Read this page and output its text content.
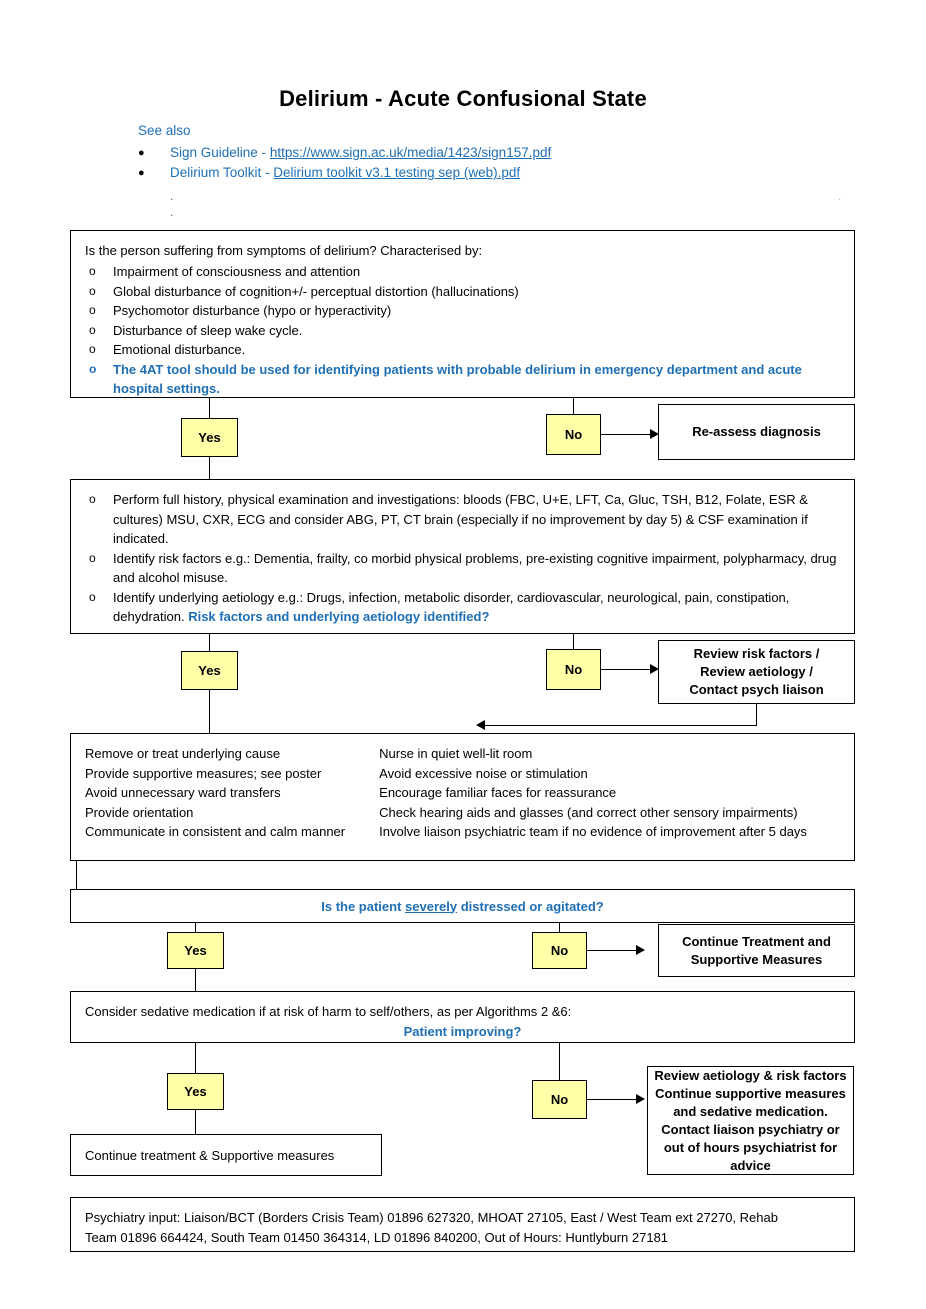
Delirium - Acute Confusional State
See also
● Sign Guideline - https://www.sign.ac.uk/media/1423/sign157.pdf
● Delirium Toolkit - Delirium toolkit v3.1 testing sep (web).pdf
.
.
.
Is the person suffering from symptoms of delirium? Characterised by:
o Impairment of consciousness and attention
o Global disturbance of cognition+/- perceptual distortion (hallucinations)
o Psychomotor disturbance (hypo or hyperactivity)
o Disturbance of sleep wake cycle.
o Emotional disturbance.
o The 4AT tool should be used for identifying patients with probable delirium in emergency department and acute hospital settings.
Yes	No	Re-assess diagnosis
o Perform full history, physical examination and investigations: bloods (FBC, U+E, LFT, Ca, Gluc, TSH, B12, Folate, ESR & cultures) MSU, CXR, ECG and consider ABG, PT, CT brain (especially if no improvement by day 5) & CSF examination if indicated.
o Identify risk factors e.g.: Dementia, frailty, co morbid physical problems, pre-existing cognitive impairment, polypharmacy, drug and alcohol misuse.
o Identify underlying aetiology e.g.: Drugs, infection, metabolic disorder, cardiovascular, neurological, pain, constipation, dehydration. Risk factors and underlying aetiology identified?
Yes	No
Review risk factors /
Review aetiology /
Contact psych liaison
Remove or treat underlying cause
Provide supportive measures; see poster
Avoid unnecessary ward transfers
Provide orientation
Communicate in consistent and calm manner
Nurse in quiet well-lit room
Avoid excessive noise or stimulation
Encourage familiar faces for reassurance
Check hearing aids and glasses (and correct other sensory impairments)
Involve liaison psychiatric team if no evidence of improvement after 5 days
Is the patient severely distressed or agitated?
Yes	No
Continue Treatment and
Supportive Measures
Consider sedative medication if at risk of harm to self/others, as per Algorithms 2 &6:
Patient improving?
Yes
No
Review aetiology & risk factors
Continue supportive measures
and sedative medication.
Contact liaison psychiatry or
out of hours psychiatrist for
advice
Continue treatment & Supportive measures
Psychiatry input: Liaison/BCT (Borders Crisis Team) 01896 627320, MHOAT 27105, East / West Team ext 27270, Rehab
Team 01896 664424, South Team 01450 364314, LD 01896 840200, Out of Hours: Huntlyburn 27181
